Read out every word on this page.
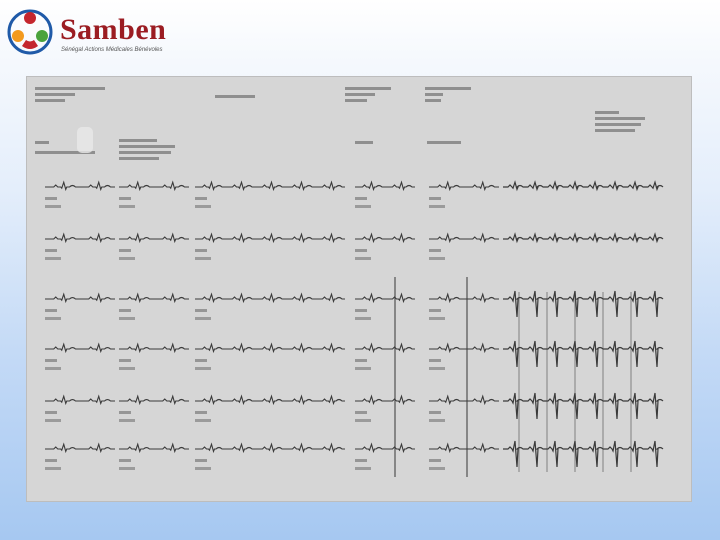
Samben
Sénégal Actions Médicales Bénévoles
